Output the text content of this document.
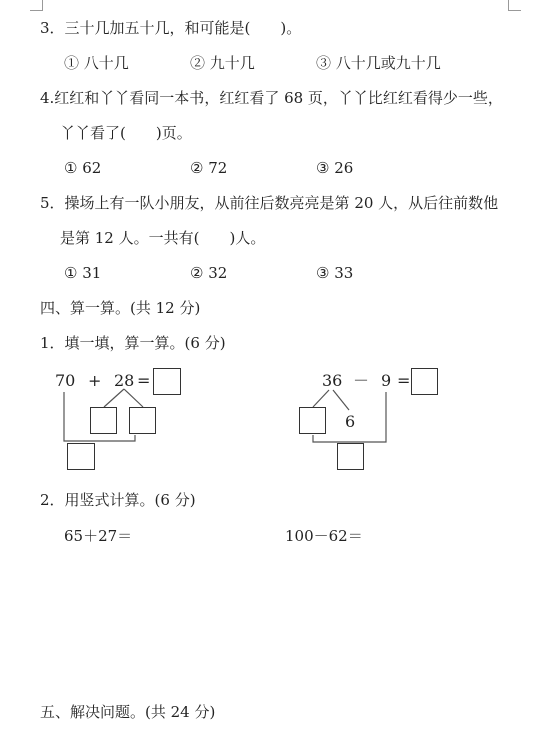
3．三十几加五十几，和可能是(　　)。
① 八十几	② 九十几	③ 八十几或九十几
4.红红和丫丫看同一本书，红红看了 68 页，丫丫比红红看得少一些，
丫丫看了(　　)页。
① 62	② 72	③ 26
5．操场上有一队小朋友，从前往后数亮亮是第 20 人，从后往前数他
是第 12 人。一共有(　　)人。
① 31	② 32	③ 33
四、算一算。(共 12 分)
1．填一填，算一算。(6 分)
70 + 28 =	36 － 9 =
6
2．用竖式计算。(6 分)
65＋27＝	100－62＝
五、解决问题。(共 24 分)
